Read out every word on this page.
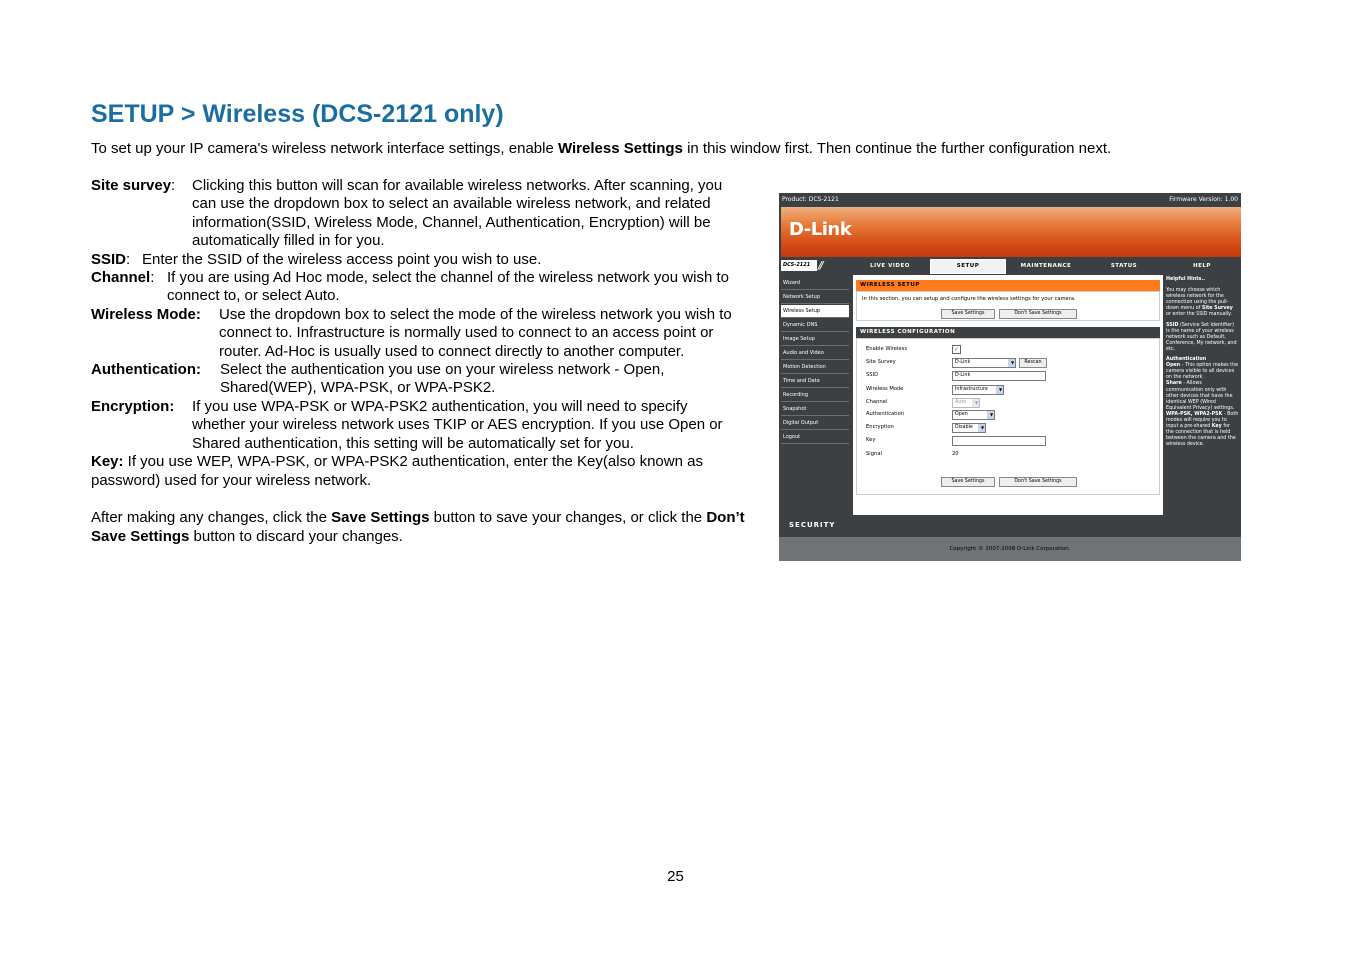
SETUP > Wireless (DCS-2121 only)
To set up your IP camera's wireless network interface settings, enable Wireless Settings in this window first. Then continue the further configuration next.
Site survey: Clicking this button will scan for available wireless networks. After scanning, you
can use the dropdown box to select an available wireless network, and related
information(SSID, Wireless Mode, Channel, Authentication, Encryption) will be
automatically filled in for you.
SSID: Enter the SSID of the wireless access point you wish to use.
Channel: If you are using Ad Hoc mode, select the channel of the wireless network you wish to
connect to, or select Auto.
Wireless Mode: Use the dropdown box to select the mode of the wireless network you wish to
connect to. Infrastructure is normally used to connect to an access point or
router. Ad-Hoc is usually used to connect directly to another computer.
Authentication: Select the authentication you use on your wireless network - Open,
Shared(WEP), WPA-PSK, or WPA-PSK2.
Encryption: If you use WPA-PSK or WPA-PSK2 authentication, you will need to specify
whether your wireless network uses TKIP or AES encryption. If you use Open or
Shared authentication, this setting will be automatically set for you.
Key: If you use WEP, WPA-PSK, or WPA-PSK2 authentication, enter the Key(also known as password) used for your wireless network.
After making any changes, click the Save Settings button to save your changes, or click the Don’t Save Settings button to discard your changes.
Product: DCS-2121	Firmware Version: 1.00
D-Link
DCS-2121 //	LIVE VIDEO	SETUP	MAINTENANCE	STATUS	HELP
Wizard
Network Setup
Wireless Setup
Dynamic DNS
Image Setup
Audio and Video
Motion Detection
Time and Date
Recording
Snapshot
Digital Output
Logout
WIRELESS SETUP
In this section, you can setup and configure the wireless settings for your camera.
Save Settings	Don't Save Settings
WIRELESS CONFIGURATION
Enable Wireless	✓
Site Survey	D-Link	▼	Rescan
SSID	D-Link
Wireless Mode	Infrastructure	▼
Channel	Auto	▼
Authentication	Open	▼
Encryption	Disable	▼
Key
Signal	20
Save Settings	Don't Save Settings
Helpful Hints..
You may choose which wireless network for the connection using the pull-down menu of Site Survey or enter the SSID manually.
SSID (Service Set Identifier) is the name of your wireless network such as Default, Conference, My network, and etc.
Authentication
Open - This option makes the camera visible to all devices on the network.
Share - Allows communication only with other devices that have the identical WEP (Wired Equivalent Privacy) settings.
WPA-PSK, WPA2-PSK - Both modes will require you to input a pre-shared Key for the connection that is held between the camera and the wireless device.
SECURITY
Copyright © 2007-2008 D-Link Corporation.
25
